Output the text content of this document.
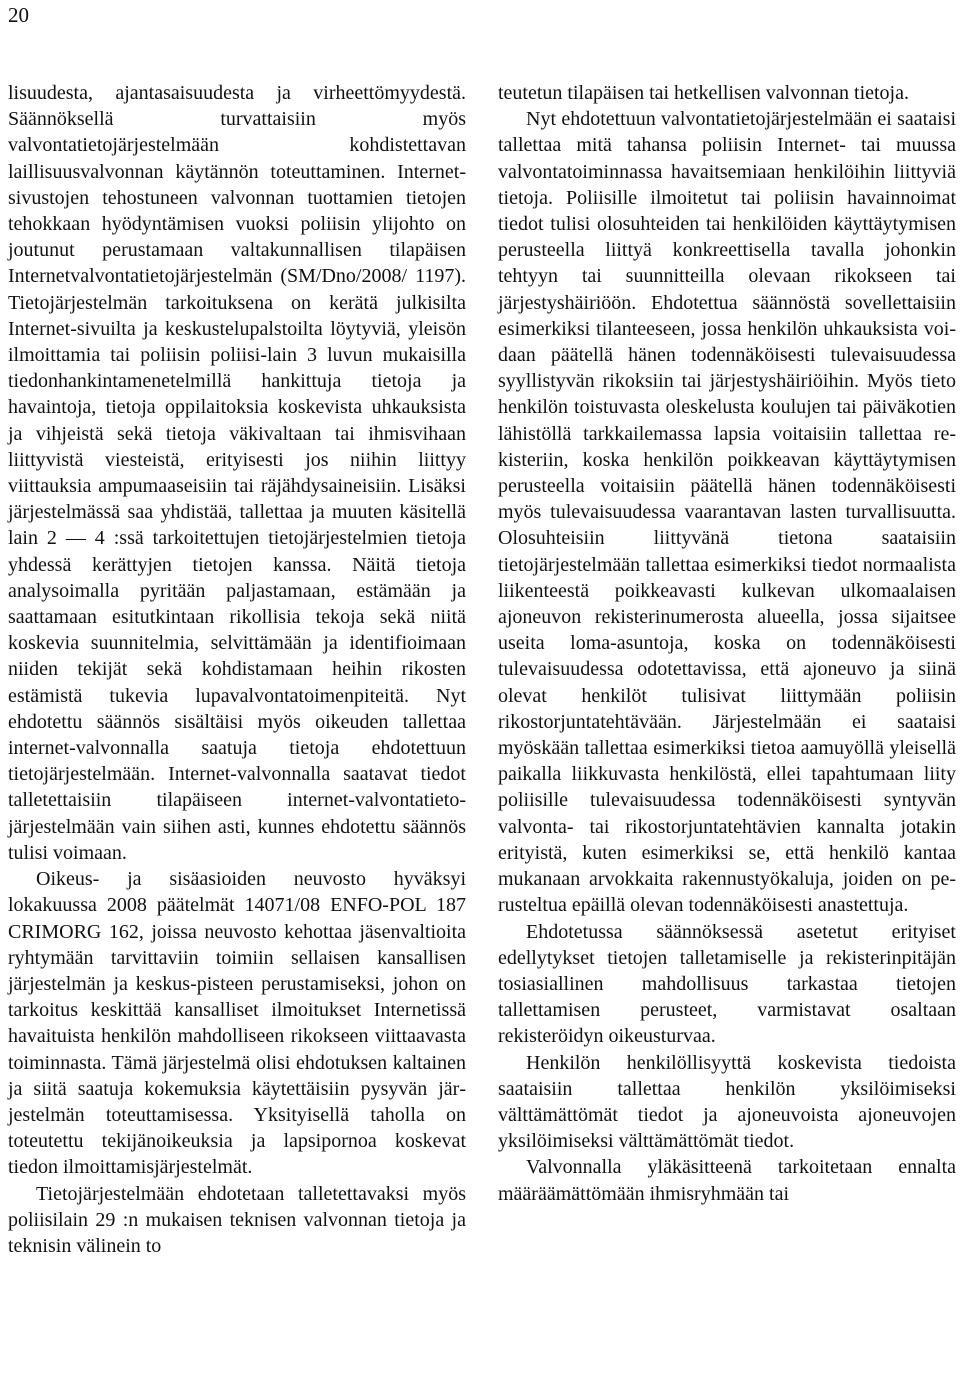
20

lisuudesta, ajantasaisuudesta ja virheettömyydestä. Säännöksellä turvattaisiin myös valvontatietojärjestelmään kohdistettavan laillisuusvalvonnan käytännön toteuttaminen. Internet-sivustojen tehostuneen valvonnan tuottamien tietojen tehokkaan hyödyntämisen vuoksi poliisin ylijohto on joutunut perustamaan valtakunnallisen tilapäisen Internetvalvontatietojärjestelmän (SM/Dno/2008/ 1197). Tietojärjestelmän tarkoituksena on kerätä julkisilta Internet-sivuilta ja keskustelupalstoilta löytyviä, yleisön ilmoittamia tai poliisin poliisi-lain 3 luvun mukaisilla tiedonhankintamenetelmillä hankittuja tietoja ja havaintoja, tietoja oppilaitoksia koskevista uhkauksista ja vihjeistä sekä tietoja väkivaltaan tai ihmisvihaan liittyvistä viesteistä, erityisesti jos niihin liittyy viittauksia ampumaaseisiin tai räjähdysaineisiin. Lisäksi järjestelmässä saa yhdistää, tallettaa ja muuten käsitellä lain 2 — 4 :ssä tarkoitettujen tietojärjestelmien tietoja yhdessä kerättyjen tietojen kanssa. Näitä tietoja analysoimalla pyritään paljastamaan, estämään ja saattamaan esitutkintaan rikollisia tekoja sekä niitä koskevia suunnitelmia, selvittämään ja identifioimaan niiden tekijät sekä kohdistamaan heihin rikosten estämistä tukevia lupavalvontatoimenpiteitä. Nyt ehdotettu säännös sisältäisi myös oikeuden tallettaa internet-valvonnalla saatuja tietoja ehdotettuun tietojärjestelmään. Internet-valvonnalla saatavat tiedot talletettaisiin tilapäiseen internet-valvontatietojärjestelmään vain siihen asti, kunnes ehdotettu säännös tulisi voimaan.

Oikeus- ja sisäasioiden neuvosto hyväksyi lokakuussa 2008 päätelmät 14071/08 ENFO-POL 187 CRIMORG 162, joissa neuvosto kehottaa jäsenvaltioita ryhtymään tarvittaviin toimiin sellaisen kansallisen järjestelmän ja keskus-pisteen perustamiseksi, johon on tarkoitus keskittää kansalliset ilmoitukset Internetissä havaituista henkilön mahdolliseen rikokseen viittaavasta toiminnasta. Tämä järjestelmä olisi ehdotuksen kaltainen ja siitä saatuja kokemuksia käytettäisiin pysyvän järjestelmän toteuttamisessa. Yksityisellä taholla on toteutettu tekijänoikeuksia ja lapsipornoa koskevat tiedon ilmoittamisjärjestelmät.

Tietojärjestelmään ehdotetaan talletettavaksi myös poliisilain 29 :n mukaisen teknisen valvonnan tietoja ja teknisin välinein to

teutetun tilapäisen tai hetkellisen valvonnan tietoja.

Nyt ehdotettuun valvontatietojärjestelmään ei saataisi tallettaa mitä tahansa poliisin Internet- tai muussa valvontatoiminnassa havaitsemiaan henkilöihin liittyviä tietoja. Poliisille ilmoitetut tai poliisin havainnoimat tiedot tulisi olosuhteiden tai henkilöiden käyttäytymisen perusteella liittyä konkreettisella tavalla johonkin tehtyyn tai suunnitteilla olevaan rikokseen tai järjestyshäiriöön. Ehdotettua säännöstä sovellettaisiin esimerkiksi tilanteeseen, jossa henkilön uhkauksista voidaan päätellä hänen todennäköisesti tulevaisuudessa syyllistyvän rikoksiin tai järjestyshäiriöihin. Myös tieto henkilön toistuvasta oleskelusta koulujen tai päiväkotien lähistöllä tarkkailemassa lapsia voitaisiin tallettaa rekisteriin, koska henkilön poikkeavan käyttäytymisen perusteella voitaisiin päätellä hänen todennäköisesti myös tulevaisuudessa vaarantavan lasten turvallisuutta. Olosuhteisiin liittyvänä tietona saataisiin tietojärjestelmään tallettaa esimerkiksi tiedot normaalista liikenteestä poikkeavasti kulkevan ulkomaalaisen ajoneuvon rekisterinumerosta alueella, jossa sijaitsee useita loma-asuntoja, koska on todennäköisesti tulevaisuudessa odotettavissa, että ajoneuvo ja siinä olevat henkilöt tulisivat liittymään poliisin rikostorjuntatehtävään. Järjestelmään ei saataisi myöskään tallettaa esimerkiksi tietoa aamuyöllä yleisellä paikalla liikkuvasta henkilöstä, ellei tapahtumaan liity poliisille tulevaisuudessa todennäköisesti syntyvän valvonta- tai rikostorjuntatehtävien kannalta jotakin erityistä, kuten esimerkiksi se, että henkilö kantaa mukanaan arvokkaita rakennustyökaluja, joiden on perusteltua epäillä olevan todennäköisesti anastettuja.

Ehdotetussa säännöksessä asetetut erityiset edellytykset tietojen talletamiselle ja rekisterinpitäjän tosiasiallinen mahdollisuus tarkastaa tietojen tallettamisen perusteet, varmistavat osaltaan rekisteröidyn oikeusturvaa.

Henkilön henkilöllisyyttä koskevista tiedoista saataisiin tallettaa henkilön yksilöimiseksi välttämättömät tiedot ja ajoneuvoista ajoneuvojen yksilöimiseksi välttämättömät tiedot.

Valvonnalla yläkäsitteenä tarkoitetaan ennalta määräämättömään ihmisryhmään tai
